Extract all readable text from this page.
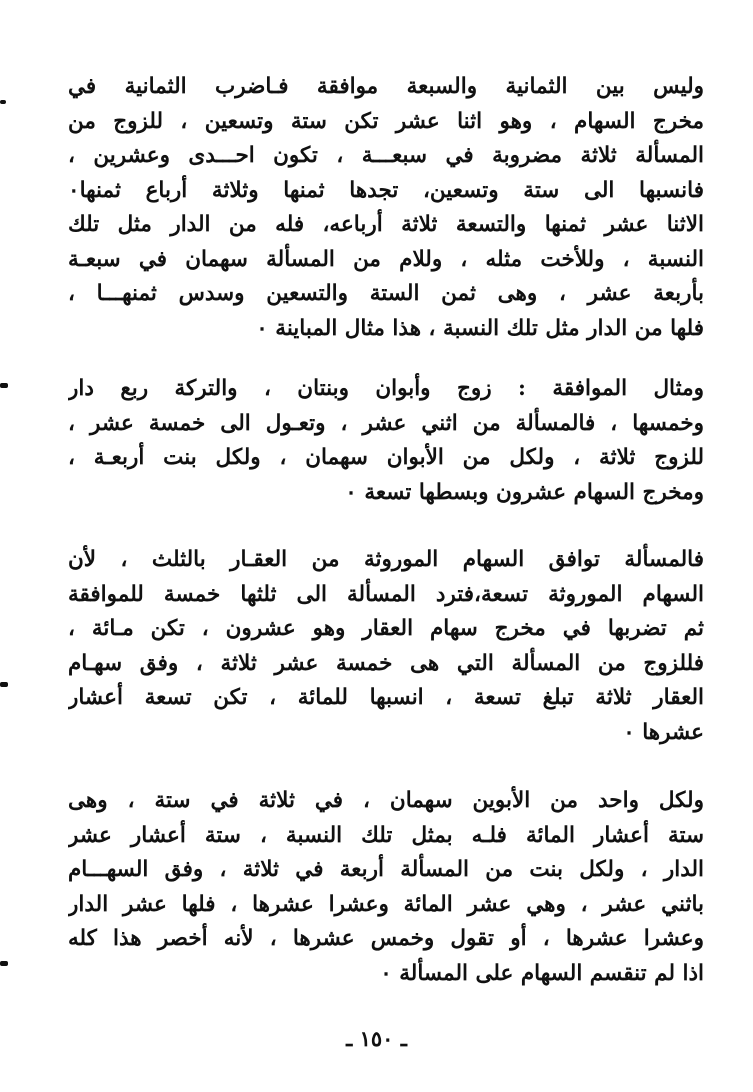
وليس بين الثمانية والسبعة موافقة فـاضرب الثمانية في
مخرج السهام ، وهو اثنا عشر تكن ستة وتسعين ، للزوج من
المسألة ثلاثة مضروبة في سبعـــة ، تكون احـــدى وعشرين ،
فانسبها الى ستة وتسعين، تجدها ثمنها وثلاثة أرباع ثمنها٠
الاثنا عشر ثمنها والتسعة ثلاثة أرباعه، فله من الدار مثل تلك
النسبة ، وللأخت مثله ، وللام من المسألة سهمان في سبعـة
بأربعة عشر ، وهى ثمن الستة والتسعين وسدس ثمنهـــا ،
فلها من الدار مثل تلك النسبة ، هذا مثال المباينة ٠
ومثال الموافقة : زوج وأبوان وبنتان ، والتركة ربع دار
وخمسها ، فالمسألة من اثني عشر ، وتعـول الى خمسة عشر ،
للزوج ثلاثة ، ولكل من الأبوان سهمان ، ولكل بنت أربعـة ،
ومخرج السهام عشرون وبسطها تسعة ٠
فالمسألة توافق السهام الموروثة من العقـار بالثلث ، لأن
السهام الموروثة تسعة،فترد المسألة الى ثلثها خمسة للموافقة
ثم تضربها في مخرج سهام العقار وهو عشرون ، تكن مـائة ،
فللزوج من المسألة التي هى خمسة عشر ثلاثة ، وفق سهـام
العقار ثلاثة تبلغ تسعة ، انسبها للمائة ، تكن تسعة أعشار
عشرها ٠
ولكل واحد من الأبوين سهمان ، في ثلاثة في ستة ، وهى
ستة أعشار المائة فلـه بمثل تلك النسبة ، ستة أعشار عشر
الدار ، ولكل بنت من المسألة أربعة في ثلاثة ، وفق السهـــام
باثني عشر ، وهي عشر المائة وعشرا عشرها ، فلها عشر الدار
وعشرا عشرها ، أو تقول وخمس عشرها ، لأنه أخصر هذا كله
اذا لم تنقسم السهام على المسألة ٠
ـ ١٥٠ ـ
